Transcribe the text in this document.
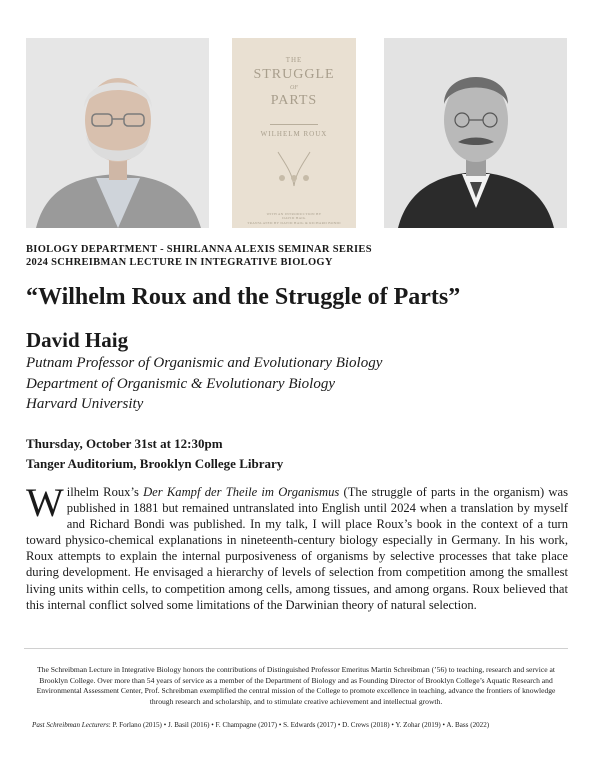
THE
STRUGGLE
OF
PARTS
WILHELM ROUX
WITH AN INTRODUCTION BY
DAVID HAIG
TRANSLATED BY DAVID HAIG & RICHARD BONDI
BIOLOGY DEPARTMENT - SHIRLANNA ALEXIS SEMINAR SERIES
2024 SCHREIBMAN LECTURE IN INTEGRATIVE BIOLOGY
“Wilhelm Roux and the Struggle of Parts”
David Haig
Putnam Professor of Organismic and Evolutionary Biology
Department of Organismic & Evolutionary Biology
Harvard University
Thursday, October 31st at 12:30pm
Tanger Auditorium, Brooklyn College Library

Wilhelm Roux’s Der Kampf der Theile im Organismus (The struggle of parts in the organism) was published in 1881 but remained untranslated into English until 2024 when a translation by myself and Richard Bondi was published. In my talk, I will place Roux’s book in the context of a turn toward physico-chemical explanations in nineteenth-century biology especially in Germany. In his work, Roux attempts to explain the internal purposiveness of organisms by selective processes that take place during development. He envisaged a hierarchy of levels of selection from competition among the smallest living units within cells, to competition among cells, among tissues, and among organs. Roux believed that this internal conflict solved some limitations of the Darwinian theory of natural selection.

The Schreibman Lecture in Integrative Biology honors the contributions of Distinguished Professor Emeritus Martin Schreibman (’56) to teaching, research and service at Brooklyn College. Over more than 54 years of service as a member of the Department of Biology and as Founding Director of Brooklyn College’s Aquatic Research and Environmental Assessment Center, Prof. Schreibman exemplified the central mission of the College to promote excellence in teaching, advance the frontiers of knowledge through research and scholarship, and to stimulate creative achievement and intellectual growth.

Past Schreibman Lecturers: P. Forlano (2015) • J. Basil (2016) • F. Champagne (2017) • S. Edwards (2017) • D. Crews (2018) • Y. Zohar (2019) • A. Bass (2022)
